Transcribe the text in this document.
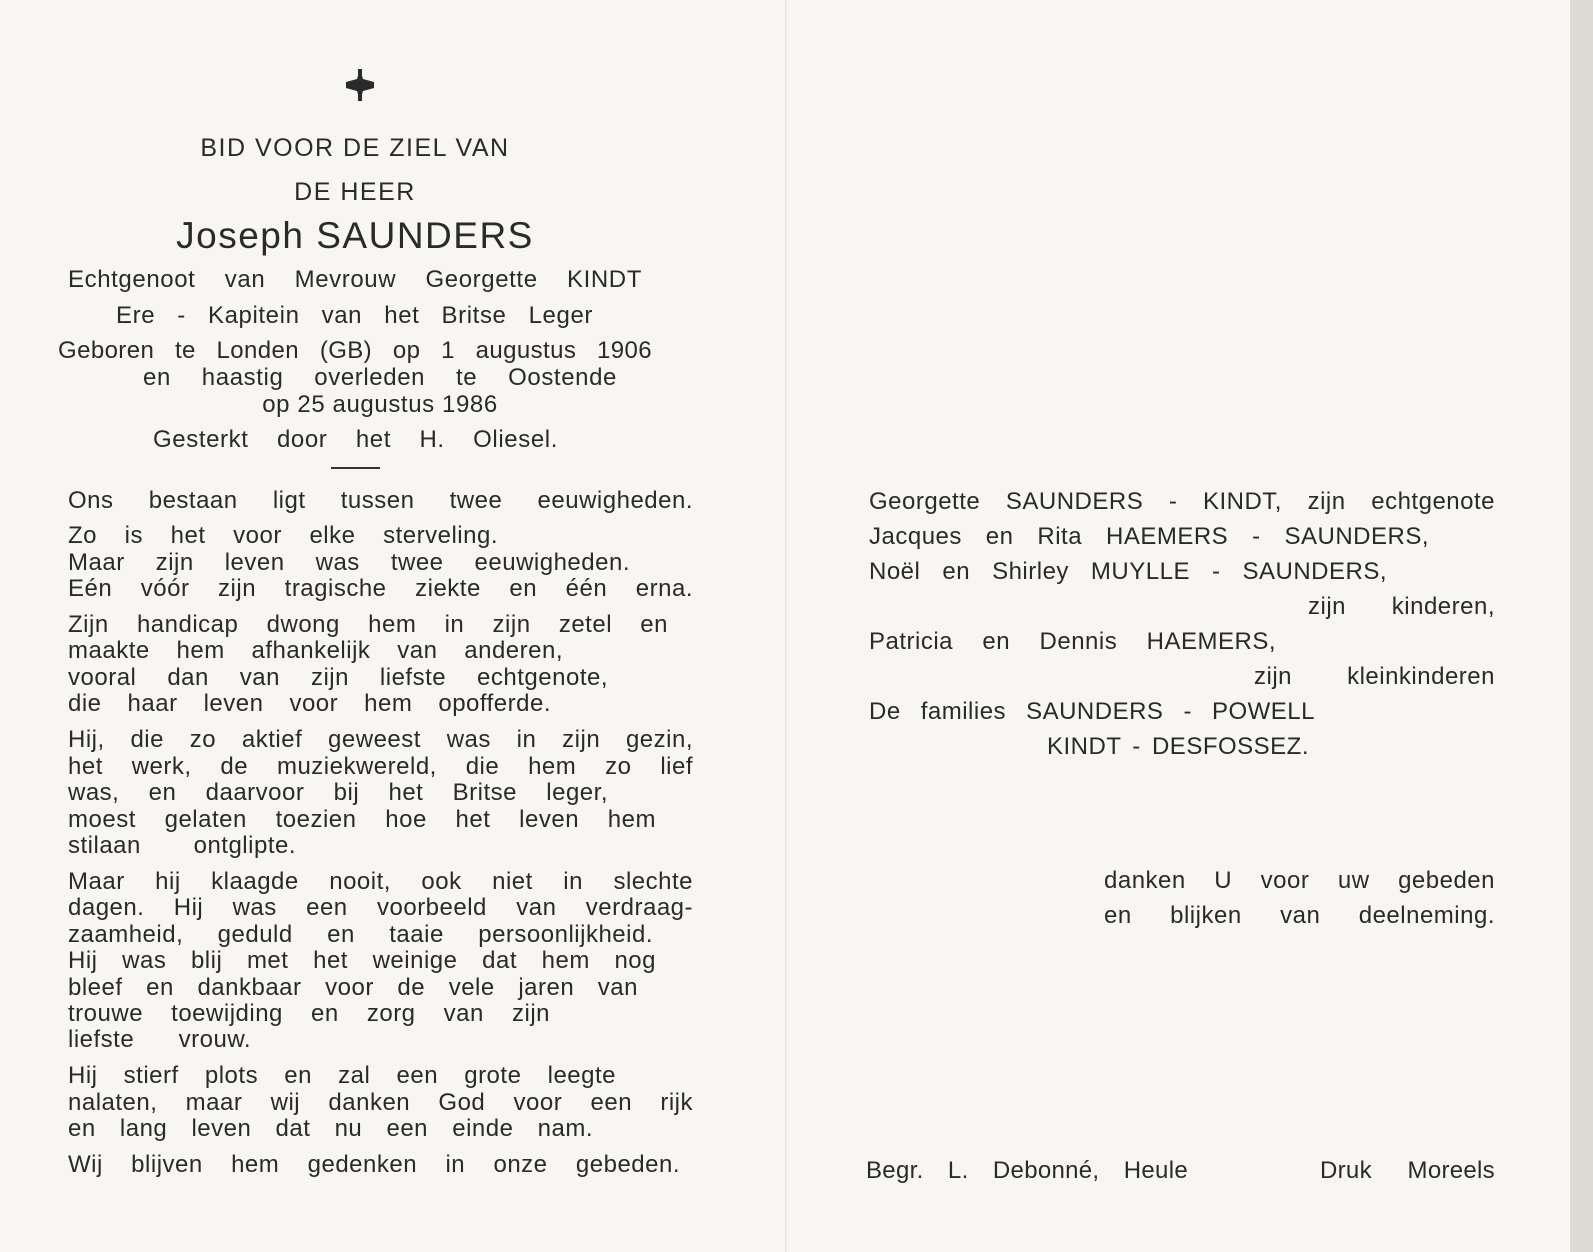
BID VOOR DE ZIEL VAN
DE HEER
Joseph SAUNDERS
Echtgenoot van Mevrouw Georgette KINDT
Ere - Kapitein van het Britse Leger
Geboren te Londen (GB) op 1 augustus 1906
en haastig overleden te Oostende
op 25 augustus 1986
Gesterkt door het H. Oliesel.
Ons bestaan ligt tussen twee eeuwigheden.
Zo is het voor elke sterveling.
Maar zijn leven was twee eeuwigheden.
Eén vóór zijn tragische ziekte en één erna.
Zijn handicap dwong hem in zijn zetel en
maakte hem afhankelijk van anderen,
vooral dan van zijn liefste echtgenote,
die haar leven voor hem opofferde.
Hij, die zo aktief geweest was in zijn gezin,
het werk, de muziekwereld, die hem zo lief
was, en daarvoor bij het Britse leger,
moest gelaten toezien hoe het leven hem
stilaan ontglipte.
Maar hij klaagde nooit, ook niet in slechte
dagen. Hij was een voorbeeld van verdraag-
zaamheid, geduld en taaie persoonlijkheid.
Hij was blij met het weinige dat hem nog
bleef en dankbaar voor de vele jaren van
trouwe toewijding en zorg van zijn
liefste vrouw.
Hij stierf plots en zal een grote leegte
nalaten, maar wij danken God voor een rijk
en lang leven dat nu een einde nam.
Wij blijven hem gedenken in onze gebeden.
Georgette SAUNDERS - KINDT, zijn echtgenote
Jacques en Rita HAEMERS - SAUNDERS,
Noël en Shirley MUYLLE - SAUNDERS,
zijn kinderen,
Patricia en Dennis HAEMERS,
zijn kleinkinderen
De families SAUNDERS - POWELL
KINDT - DESFOSSEZ.
danken U voor uw gebeden
en blijken van deelneming.
Begr. L. Debonné, Heule	Druk Moreels
